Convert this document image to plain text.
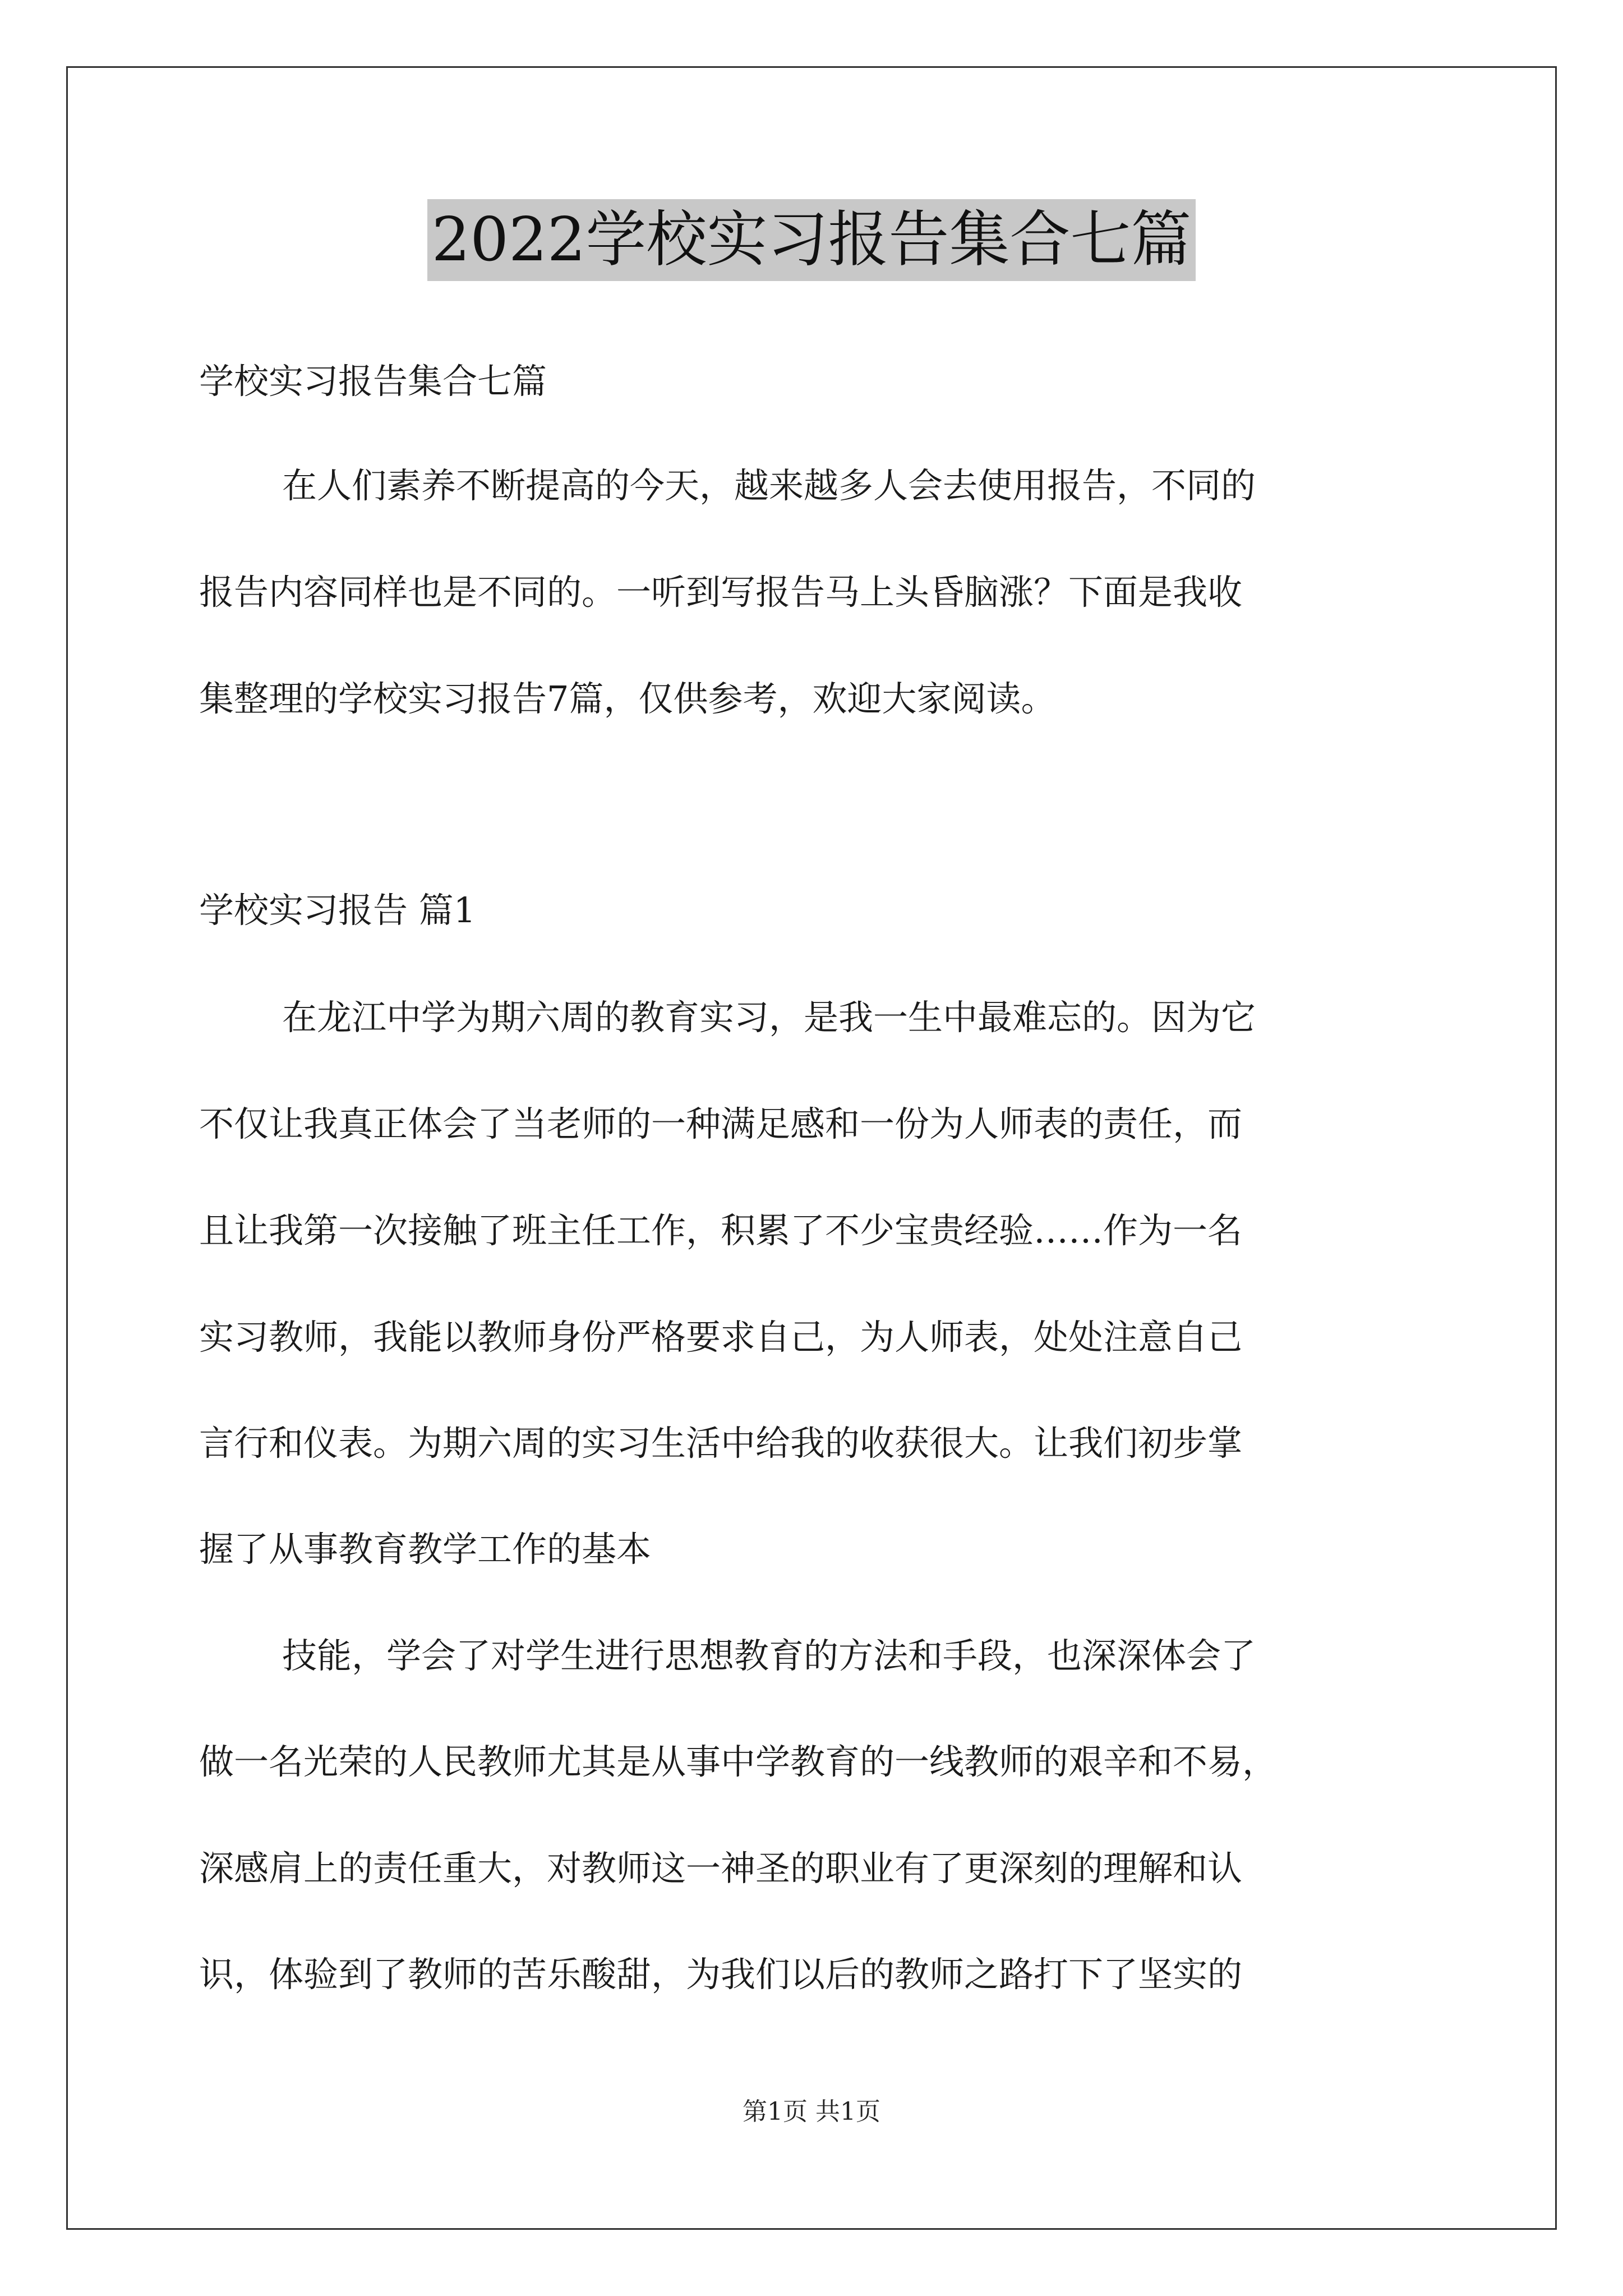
2022学校实习报告集合七篇
学校实习报告集合七篇
在人们素养不断提高的今天，越来越多人会去使用报告，不同的
报告内容同样也是不同的。一听到写报告马上头昏脑涨？下面是我收
集整理的学校实习报告7篇，仅供参考，欢迎大家阅读。
学校实习报告 篇1
在龙江中学为期六周的教育实习，是我一生中最难忘的。因为它
不仅让我真正体会了当老师的一种满足感和一份为人师表的责任，而
且让我第一次接触了班主任工作，积累了不少宝贵经验……作为一名
实习教师，我能以教师身份严格要求自己，为人师表，处处注意自己
言行和仪表。为期六周的实习生活中给我的收获很大。让我们初步掌
握了从事教育教学工作的基本
技能，学会了对学生进行思想教育的方法和手段，也深深体会了
做一名光荣的人民教师尤其是从事中学教育的一线教师的艰辛和不易，
深感肩上的责任重大，对教师这一神圣的职业有了更深刻的理解和认
识，体验到了教师的苦乐酸甜，为我们以后的教师之路打下了坚实的
第1页 共1页
